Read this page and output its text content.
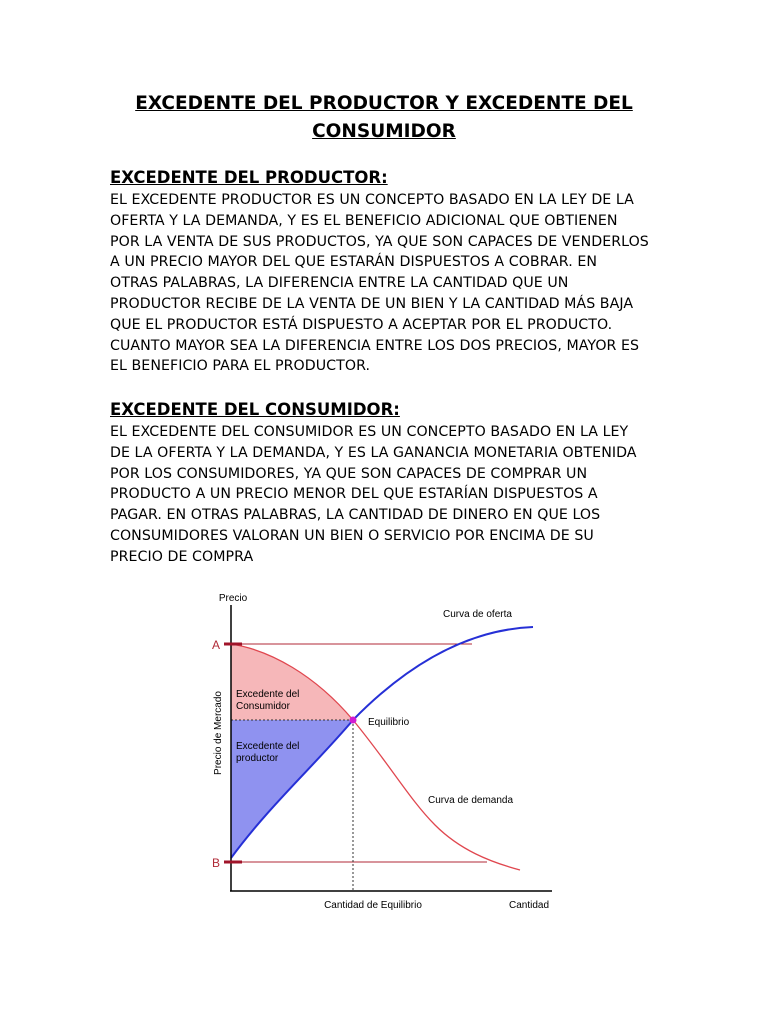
EXCEDENTE DEL PRODUCTOR Y EXCEDENTE DEL
CONSUMIDOR
EXCEDENTE DEL PRODUCTOR:
EL EXCEDENTE PRODUCTOR ES UN CONCEPTO BASADO EN LA LEY DE LA
OFERTA Y LA DEMANDA, Y ES EL BENEFICIO ADICIONAL QUE OBTIENEN
POR LA VENTA DE SUS PRODUCTOS, YA QUE SON CAPACES DE VENDERLOS
A UN PRECIO MAYOR DEL QUE ESTARÁN DISPUESTOS A COBRAR. EN
OTRAS PALABRAS, LA DIFERENCIA ENTRE LA CANTIDAD QUE UN
PRODUCTOR RECIBE DE LA VENTA DE UN BIEN Y LA CANTIDAD MÁS BAJA
QUE EL PRODUCTOR ESTÁ DISPUESTO A ACEPTAR POR EL PRODUCTO.
CUANTO MAYOR SEA LA DIFERENCIA ENTRE LOS DOS PRECIOS, MAYOR ES
EL BENEFICIO PARA EL PRODUCTOR.
EXCEDENTE DEL CONSUMIDOR:
EL EXCEDENTE DEL CONSUMIDOR ES UN CONCEPTO BASADO EN LA LEY
DE LA OFERTA Y LA DEMANDA, Y ES LA GANANCIA MONETARIA OBTENIDA
POR LOS CONSUMIDORES, YA QUE SON CAPACES DE COMPRAR UN
PRODUCTO A UN PRECIO MENOR DEL QUE ESTARÍAN DISPUESTOS A
PAGAR. EN OTRAS PALABRAS, LA CANTIDAD DE DINERO EN QUE LOS
CONSUMIDORES VALORAN UN BIEN O SERVICIO POR ENCIMA DE SU
PRECIO DE COMPRA
Precio
Precio de Mercado
A
B
Curva de oferta
Curva de demanda
Equilibrio
Excedente del
Consumidor
Excedente del
productor
Cantidad de Equilibrio	Cantidad
